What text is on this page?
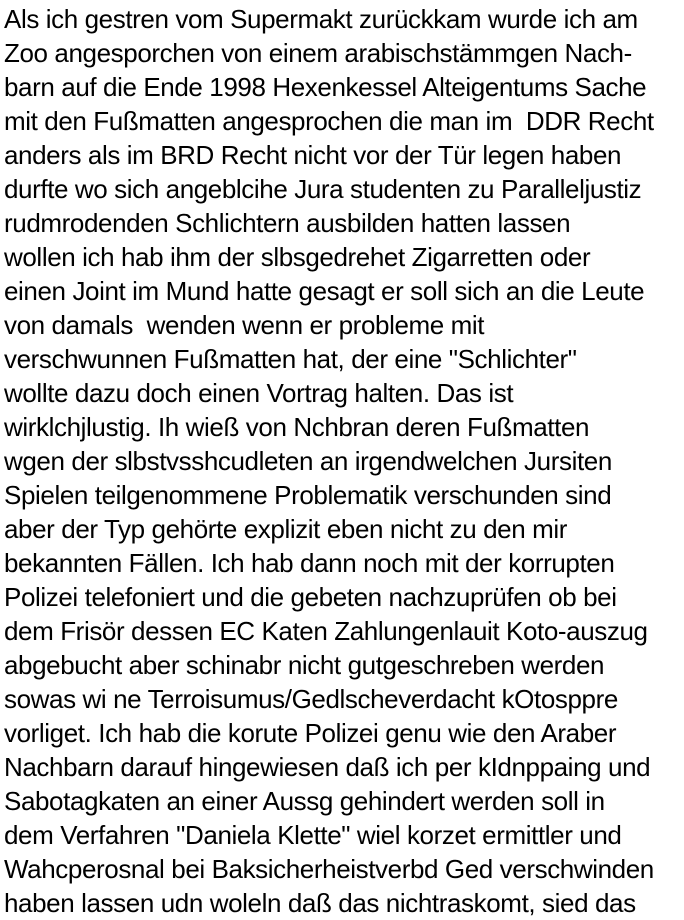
Als ich gestren vom Supermakt zurückkam wurde ich am
Zoo angesporchen von einem arabischstämmgen Nach-
barn auf die Ende 1998 Hexenkessel Alteigentums Sache
mit den Fußmatten angesprochen die man im  DDR Recht
anders als im BRD Recht nicht vor der Tür legen haben
durfte wo sich angeblcihe Jura studenten zu Paralleljustiz
rudmrodenden Schlichtern ausbilden hatten lassen
wollen ich hab ihm der slbsgedrehet Zigarretten oder
einen Joint im Mund hatte gesagt er soll sich an die Leute
von damals  wenden wenn er probleme mit
verschwunnen Fußmatten hat, der eine "Schlichter"
wollte dazu doch einen Vortrag halten. Das ist
wirklchjlustig. Ih wieß von Nchbran deren Fußmatten
wgen der slbstvsshcudleten an irgendwelchen Jursiten
Spielen teilgenommene Problematik verschunden sind
aber der Typ gehörte explizit eben nicht zu den mir
bekannten Fällen. Ich hab dann noch mit der korrupten
Polizei telefoniert und die gebeten nachzuprüfen ob bei
dem Frisör dessen EC Katen Zahlungenlauit Koto-auszug
abgebucht aber schinabr nicht gutgeschreben werden
sowas wi ne Terroisumus/Gedlscheverdacht kOtosppre
vorliget. Ich hab die korute Polizei genu wie den Araber
Nachbarn darauf hingewiesen daß ich per kIdnppaing und
Sabotagkaten an einer Aussg gehindert werden soll in
dem Verfahren "Daniela Klette" wiel korzet ermittler und
Wahcperosnal bei Baksicherheistverbd Ged verschwinden
haben lassen udn woleln daß das nichtraskomt, sied das
